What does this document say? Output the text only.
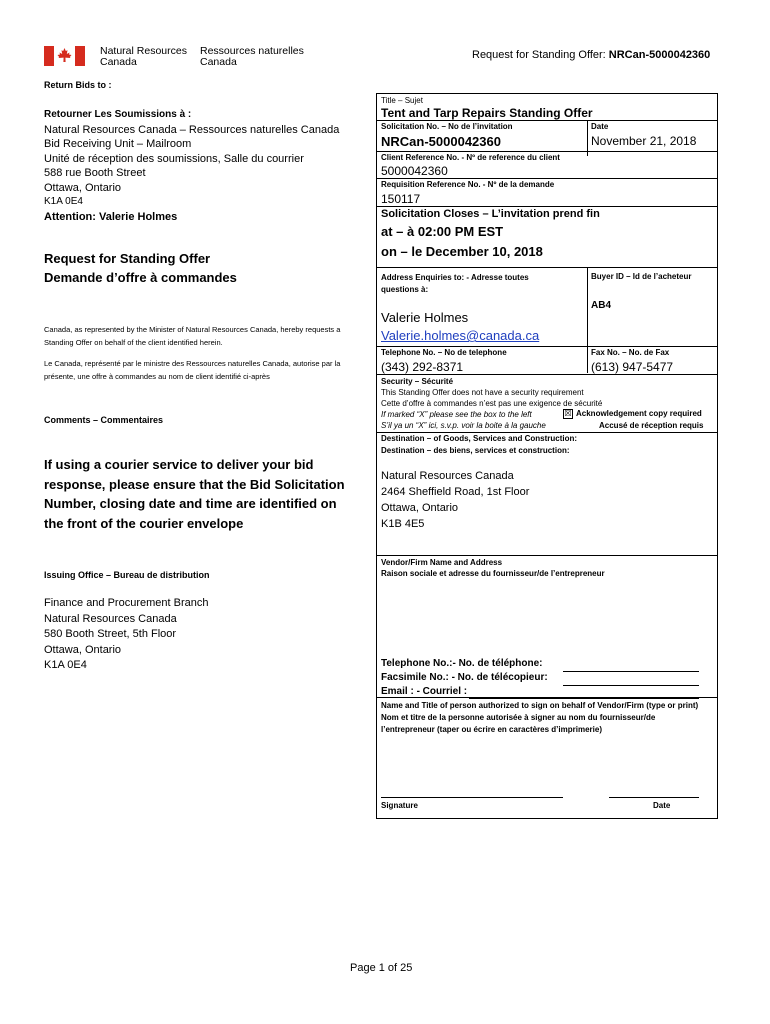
Natural Resources
Canada
Ressources naturelles
Canada
Request for Standing Offer: NRCan-5000042360
Return Bids to :
Retourner Les Soumissions à :
Natural Resources Canada – Ressources naturelles Canada
Bid Receiving Unit – Mailroom
Unité de réception des soumissions, Salle du courrier
588 rue Booth Street
Ottawa, Ontario
K1A 0E4
Attention: Valerie Holmes
Request for Standing Offer
Demande d’offre à commandes
Canada, as represented by the Minister of Natural Resources Canada, hereby requests a Standing Offer on behalf of the client identified herein.
Le Canada, représenté par le ministre des Ressources naturelles Canada, autorise par la présente, une offre à commandes au nom de client identifié ci-après
Comments – Commentaires
If using a courier service to deliver your bid response, please ensure that the Bid Solicitation Number, closing date and time are identified on the front of the courier envelope
Issuing Office – Bureau de distribution
Finance and Procurement Branch
Natural Resources Canada
580 Booth Street, 5th Floor
Ottawa, Ontario
K1A 0E4
Title – Sujet
Tent and Tarp Repairs Standing Offer
Solicitation No. – No de l’invitation
NRCan-5000042360
Date
November 21, 2018
Client Reference No. - Nº de reference du client
5000042360
Requisition Reference No. - Nº de la demande
150117
Solicitation Closes – L’invitation prend fin
at – à 02:00 PM EST
on – le December 10, 2018
Address Enquiries to: - Adresse toutes questions à:
Buyer ID – Id de l’acheteur
AB4
Valerie Holmes
Valerie.holmes@canada.ca
Telephone No. – No de telephone
(343) 292-8371
Fax No. – No. de Fax
(613) 947-5477
Security – Sécurité
This Standing Offer does not have a security requirement
Cette d’offre à commandes n’est pas une exigence de sécurité
If marked “X” please see the box to the left
S’il ya un “X” ici, s.v.p. voir la boite à la gauche
☒ Acknowledgement copy required
Accusé de réception requis
Destination – of Goods, Services and Construction:
Destination – des biens, services et construction:
Natural Resources Canada
2464 Sheffield Road, 1st Floor
Ottawa, Ontario
K1B 4E5
Vendor/Firm Name and Address
Raison sociale et adresse du fournisseur/de l’entrepreneur
Telephone No.:- No. de téléphone:
Facsimile No.: - No. de télécopieur:
Email : - Courriel :
Name and Title of person authorized to sign on behalf of Vendor/Firm (type or print)
Nom et titre de la personne autorisée à signer au nom du fournisseur/de l’entrepreneur (taper ou écrire en caractères d’imprimerie)
Signature	Date
Page 1 of 25
